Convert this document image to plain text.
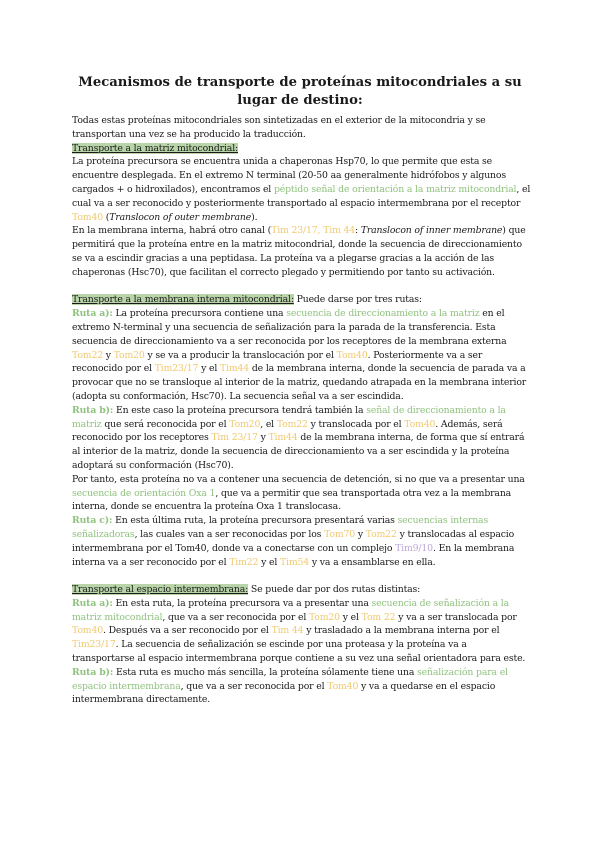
Mecanismos de transporte de proteínas mitocondriales a su lugar de destino:

Todas estas proteínas mitocondriales son sintetizadas en el exterior de la mitocondria y se transportan una vez se ha producido la traducción.

Transporte a la matriz mitocondrial:

La proteína precursora se encuentra unida a chaperonas Hsp70, lo que permite que esta se encuentre desplegada. En el extremo N terminal (20-50 aa generalmente hidrófobos y algunos cargados + o hidroxilados), encontramos el péptido señal de orientación a la matriz mitocondrial, el cual va a ser reconocido y posteriormente transportado al espacio intermembrana por el receptor Tom40 (Translocon of outer membrane).

En la membrana interna, habrá otro canal (Tim 23/17, Tim 44: Translocon of inner membrane) que permitirá que la proteína entre en la matriz mitocondrial, donde la secuencia de direccionamiento se va a escindir gracias a una peptidasa. La proteína va a plegarse gracias a la acción de las chaperonas (Hsc70), que facilitan el correcto plegado y permitiendo por tanto su activación.

Transporte a la membrana interna mitocondrial: Puede darse por tres rutas:

Ruta a): La proteína precursora contiene una secuencia de direccionamiento a la matriz en el extremo N-terminal y una secuencia de señalización para la parada de la transferencia. Esta secuencia de direccionamiento va a ser reconocida por los receptores de la membrana externa Tom22 y Tom20 y se va a producir la translocación por el Tom40. Posteriormente va a ser reconocido por el Tim23/17 y el Tim44 de la membrana interna, donde la secuencia de parada va a provocar que no se transloque al interior de la matriz, quedando atrapada en la membrana interior (adopta su conformación, Hsc70). La secuencia señal va a ser escindida.

Ruta b): En este caso la proteína precursora tendrá también la señal de direccionamiento a la matriz que será reconocida por el Tom20, el Tom22 y translocada por el Tom40. Además, será reconocido por los receptores Tim 23/17 y Tim44 de la membrana interna, de forma que sí entrará al interior de la matriz, donde la secuencia de direccionamiento va a ser escindida y la proteína adoptará su conformación (Hsc70).

Por tanto, esta proteína no va a contener una secuencia de detención, si no que va a presentar una secuencia de orientación Oxa 1, que va a permitir que sea transportada otra vez a la membrana interna, donde se encuentra la proteína Oxa 1 translocasa.

Ruta c): En esta última ruta, la proteína precursora presentará varias secuencias internas señalizadoras, las cuales van a ser reconocidas por los Tom70 y Tom22 y translocadas al espacio intermembrana por el Tom40, donde va a conectarse con un complejo Tim9/10. En la membrana interna va a ser reconocido por el Tim22 y el Tim54 y va a ensamblarse en ella.

Transporte al espacio intermembrana: Se puede dar por dos rutas distintas:

Ruta a): En esta ruta, la proteína precursora va a presentar una secuencia de señalización a la matriz mitocondrial, que va a ser reconocida por el Tom20 y el Tom 22 y va a ser translocada por Tom40. Después va a ser reconocido por el Tim 44 y trasladado a la membrana interna por el Tim23/17. La secuencia de señalización se escinde por una proteasa y la proteína va a transportarse al espacio intermembrana porque contiene a su vez una señal orientadora para este.

Ruta b): Esta ruta es mucho más sencilla, la proteína sólamente tiene una señalización para el espacio intermembrana, que va a ser reconocida por el Tom40 y va a quedarse en el espacio intermembrana directamente.
